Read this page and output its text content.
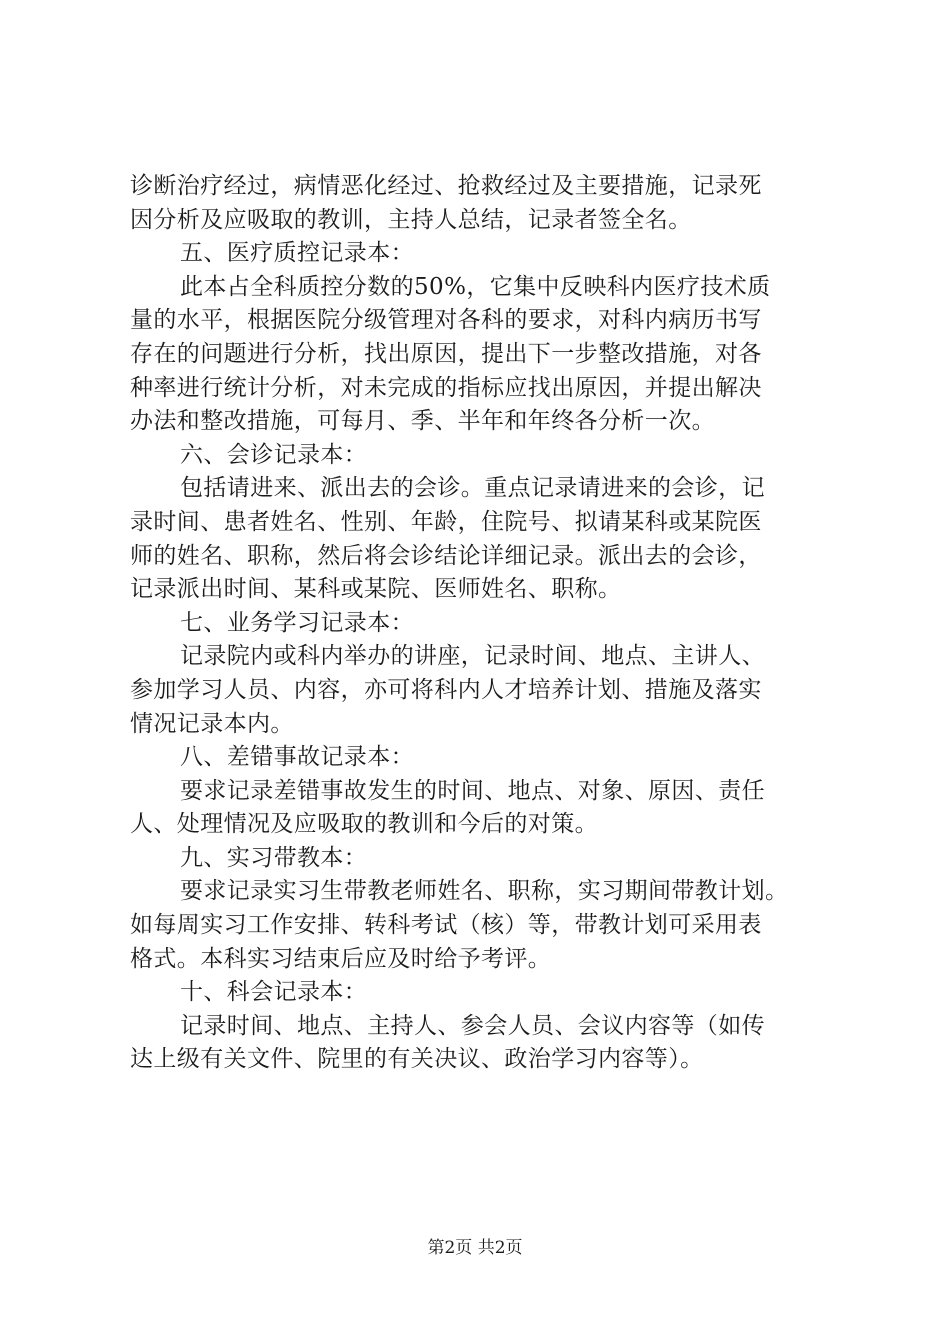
诊断治疗经过，病情恶化经过、抢救经过及主要措施，记录死
因分析及应吸取的教训，主持人总结，记录者签全名。
五、医疗质控记录本：
此本占全科质控分数的50%，它集中反映科内医疗技术质
量的水平，根据医院分级管理对各科的要求，对科内病历书写
存在的问题进行分析，找出原因，提出下一步整改措施，对各
种率进行统计分析，对未完成的指标应找出原因，并提出解决
办法和整改措施，可每月、季、半年和年终各分析一次。
六、会诊记录本：
包括请进来、派出去的会诊。重点记录请进来的会诊，记
录时间、患者姓名、性别、年龄，住院号、拟请某科或某院医
师的姓名、职称，然后将会诊结论详细记录。派出去的会诊，
记录派出时间、某科或某院、医师姓名、职称。
七、业务学习记录本：
记录院内或科内举办的讲座，记录时间、地点、主讲人、
参加学习人员、内容，亦可将科内人才培养计划、措施及落实
情况记录本内。
八、差错事故记录本：
要求记录差错事故发生的时间、地点、对象、原因、责任
人、处理情况及应吸取的教训和今后的对策。
九、实习带教本：
要求记录实习生带教老师姓名、职称，实习期间带教计划。
如每周实习工作安排、转科考试（核）等，带教计划可采用表
格式。本科实习结束后应及时给予考评。
十、科会记录本：
记录时间、地点、主持人、参会人员、会议内容等（如传
达上级有关文件、院里的有关决议、政治学习内容等）。
第2页 共2页
